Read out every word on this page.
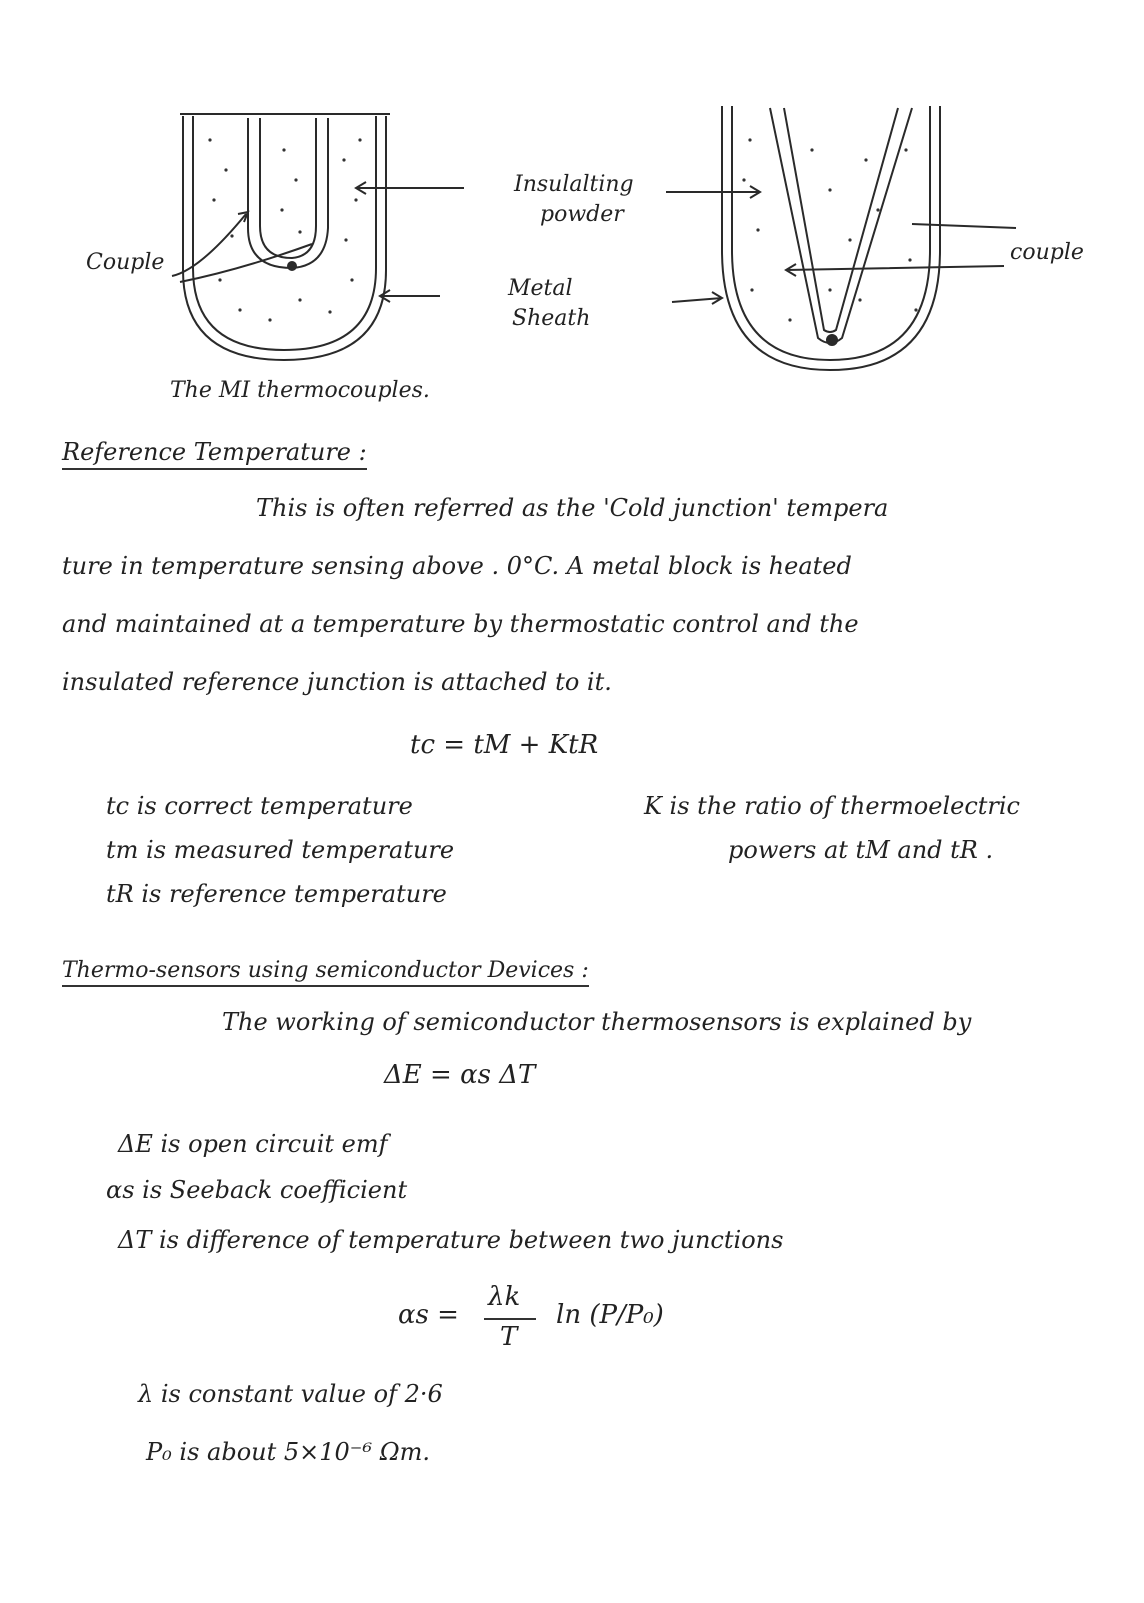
Couple	couple
Insulalting
powder
Metal
Sheath
The MI thermocouples.
Reference Temperature :
This is often referred as the 'Cold junction' tempera
ture in temperature sensing above . 0°C. A metal block is heated
and maintained at a temperature by thermostatic control and the
insulated reference junction is attached to it.
tc = tM + KtR
tc is correct temperature
tm is measured temperature
tR is reference temperature
K is the ratio of thermoelectric
powers at tM and tR .
Thermo-sensors using semiconductor Devices :
The working of semiconductor thermosensors is explained by
ΔE = αs ΔT
ΔE is open circuit emf
αs is Seeback coefficient
ΔT is difference of temperature between two junctions
αs =
λk
T
ln (P/P₀)
λ is constant value of 2·6
P₀ is about 5×10⁻⁶ Ωm.
